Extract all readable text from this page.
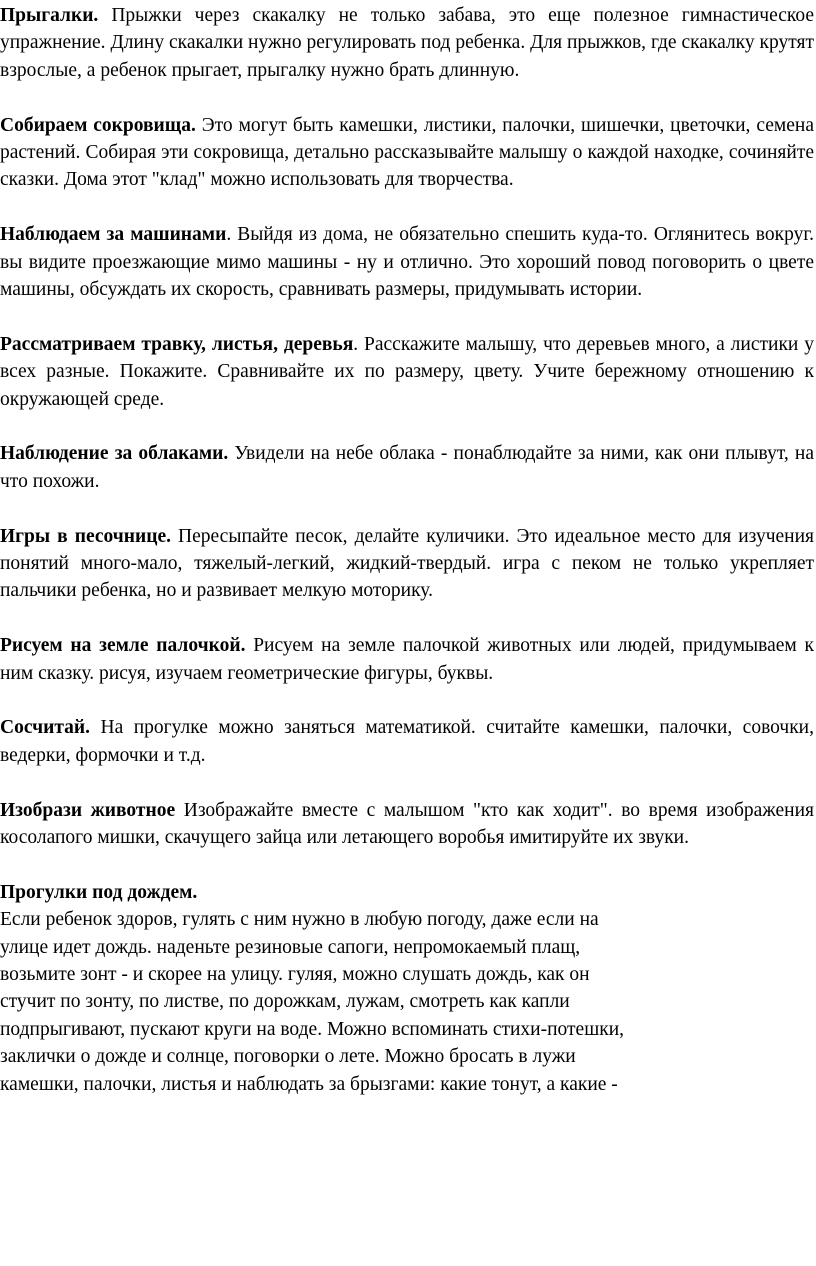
Прыгалки. Прыжки через скакалку не только забава, это еще полезное гимнастическое упражнение. Длину скакалки нужно регулировать под ребенка. Для прыжков, где скакалку крутят взрослые, а ребенок прыгает, прыгалку нужно брать длинную.

Собираем сокровища. Это могут быть камешки, листики, палочки, шишечки, цветочки, семена растений. Собирая эти сокровища, детально рассказывайте малышу о каждой находке, сочиняйте сказки. Дома этот "клад" можно использовать для творчества.

Наблюдаем за машинами. Выйдя из дома, не обязательно спешить куда-то. Оглянитесь вокруг. вы видите проезжающие мимо машины - ну и отлично. Это хороший повод поговорить о цвете машины, обсуждать их скорость, сравнивать размеры, придумывать истории.

Рассматриваем травку, листья, деревья. Расскажите малышу, что деревьев много, а листики у всех разные. Покажите. Сравнивайте их по размеру, цвету. Учите бережному отношению к окружающей среде.

Наблюдение за облаками. Увидели на небе облака - понаблюдайте за ними, как они плывут, на что похожи.

Игры в песочнице. Пересыпайте песок, делайте куличики. Это идеальное место для изучения понятий много-мало, тяжелый-легкий, жидкий-твердый. игра с пеком не только укрепляет пальчики ребенка, но и развивает мелкую моторику.

Рисуем на земле палочкой. Рисуем на земле палочкой животных или людей, придумываем к ним сказку. рисуя, изучаем геометрические фигуры, буквы.

Сосчитай. На прогулке можно заняться математикой. считайте камешки, палочки, совочки, ведерки, формочки и т.д.

Изобрази животное Изображайте вместе с малышом "кто как ходит". во время изображения косолапого мишки, скачущего зайца или летающего воробья имитируйте их звуки.

Прогулки под дождем.
Если ребенок здоров, гулять с ним нужно в любую погоду, даже если на
улице идет дождь. наденьте резиновые сапоги, непромокаемый плащ,
возьмите зонт - и скорее на улицу. гуляя, можно слушать дождь, как он
стучит по зонту, по листве, по дорожкам, лужам, смотреть как капли
подпрыгивают, пускают круги на воде. Можно вспоминать стихи-потешки,
заклички о дожде и солнце, поговорки о лете. Можно бросать в лужи
камешки, палочки, листья и наблюдать за брызгами: какие тонут, а какие -
